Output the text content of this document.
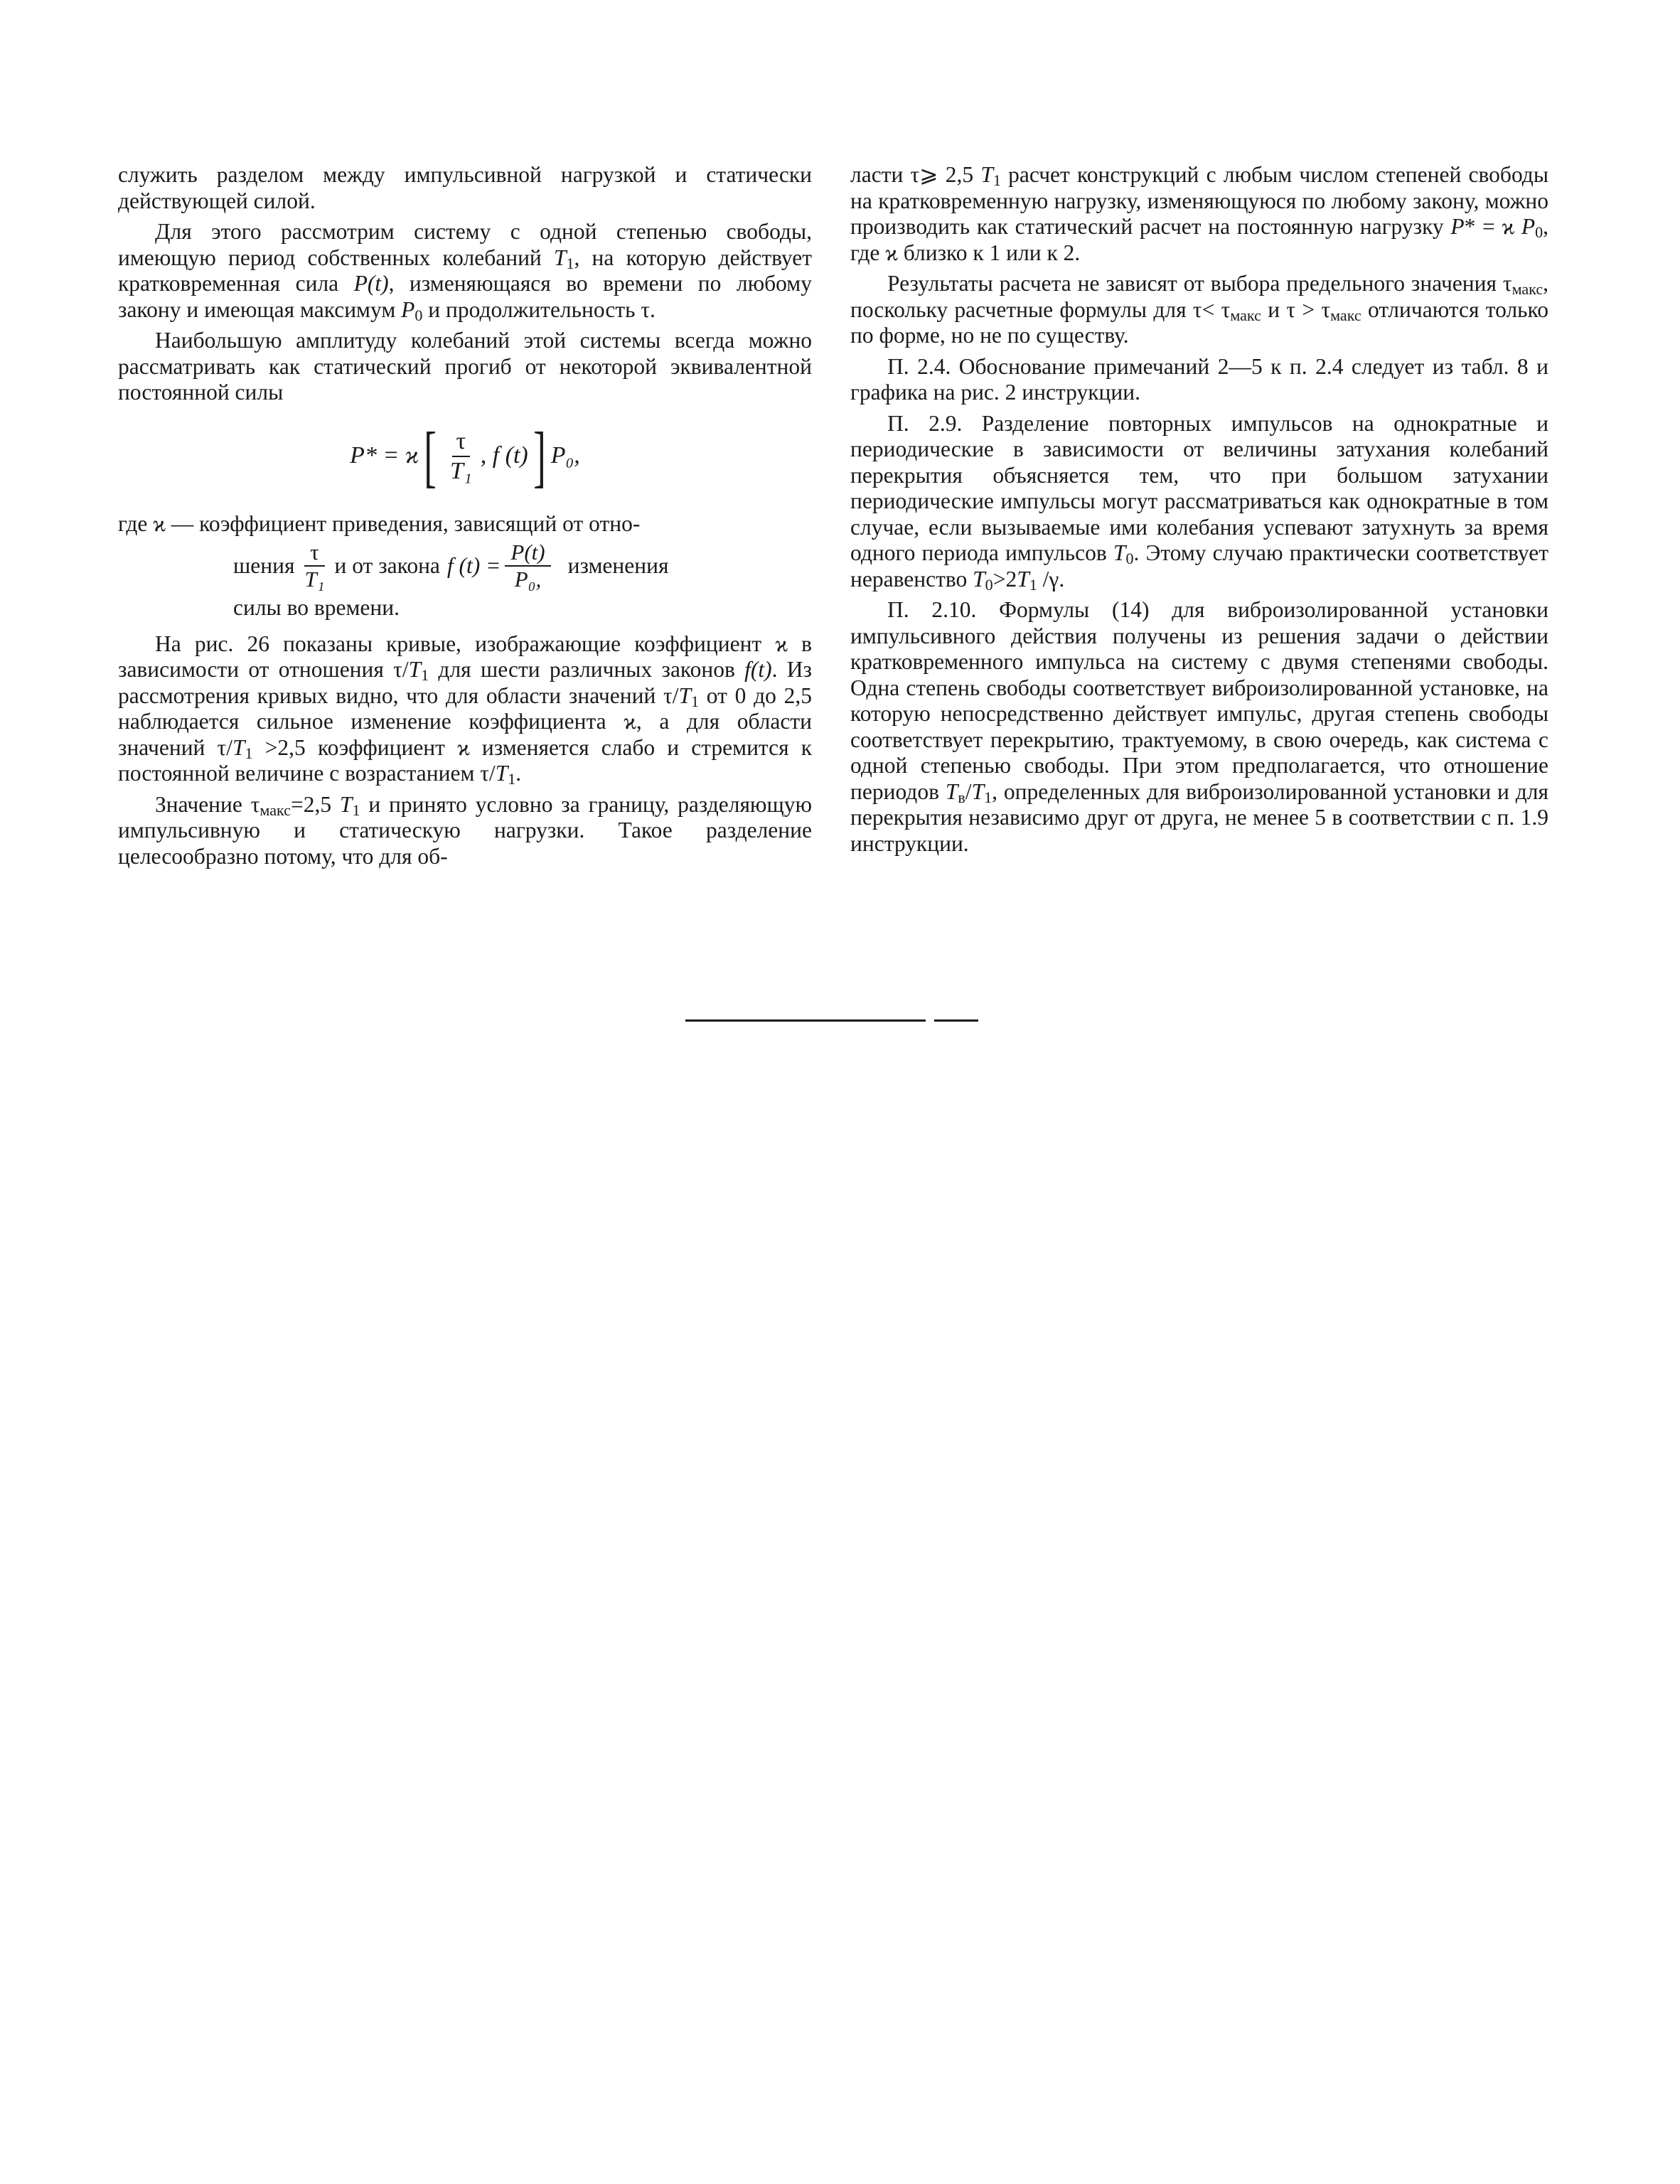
служить разделом между импульсивной нагрузкой и статически действующей силой.

Для этого рассмотрим систему с одной степенью свободы, имеющую период собственных колебаний $T_1$, на которую действует кратковременная сила P(t), изменяющаяся во времени по любому закону и имеющая максимум $P_0$ и продолжительность τ.

Наибольшую амплитуду колебаний этой системы всегда можно рассматривать как статический прогиб от некоторой эквивалентной постоянной силы

P* = ϰ [ $\frac{\tau}{\text{T₁}}$ , f (t) ] P₀,

где ϰ — коэффициент приведения, зависящий от отно-

шения $\frac{\tau}{\text{T₁}}$ и от закона f $(t) = \frac{P(t)}{\text{P₀,}}$ изменения

силы во времени.

На рис. 26 показаны кривые, изображающие коэффициент ϰ в зависимости от отношения $\tau/T_1$ для шести различных законов f(t). Из рассмотрения кривых видно, что для области значений $\tau/T_1$ от 0 до 2,5 наблюдается сильное изменение коэффициента ϰ, а для области значений $\tau/T_1 >2,5$ коэффициент ϰ изменяется слабо и стремится к постоянной величине с возрастанием $\tau/T_1$.

Значение $\tau_{макс}=2,5$ $T_1$ и принято условно за границу, разделяющую импульсивную и статическую нагрузки. Такое разделение целесообразно потому, что для об-

ласти τ⩾ 2,5 $T_1$ расчет конструкций с любым числом степеней свободы на кратковременную нагрузку, изменяющуюся по любому закону, можно производить как статический расчет на постоянную нагрузку P* = ϰ $P_0$, где ϰ близко к 1 или к 2.

Результаты расчета не зависят от выбора предельного значения $\tau_{макс}$, поскольку расчетные формулы для $\tau< \tau_{макс}$ и $\tau > \tau_{макс}$ отличаются только по форме, но не по существу.

П. 2.4. Обоснование примечаний 2—5 к п. 2.4 следует из табл. 8 и графика на рис. 2 инструкции.

П. 2.9. Разделение повторных импульсов на однократные и периодические в зависимости от величины затухания колебаний перекрытия объясняется тем, что при большом затухании периодические импульсы могут рассматриваться как однократные в том случае, если вызываемые ими колебания успевают затухнуть за время одного периода импульсов $T_0$. Этому случаю практически соответствует неравенство $T_0>2T_1$ /γ.

П. 2.10. Формулы (14) для виброизолированной установки импульсивного действия получены из решения задачи о действии кратковременного импульса на систему с двумя степенями свободы. Одна степень свободы соответствует виброизолированной установке, на которую непосредственно действует импульс, другая степень свободы соответствует перекрытию, трактуемому, в свою очередь, как система с одной степенью свободы. При этом предполагается, что отношение периодов $T_в/T_1$, определенных для виброизолированной установки и для перекрытия независимо друг от друга, не менее 5 в соответствии с п. 1.9 инструкции.
